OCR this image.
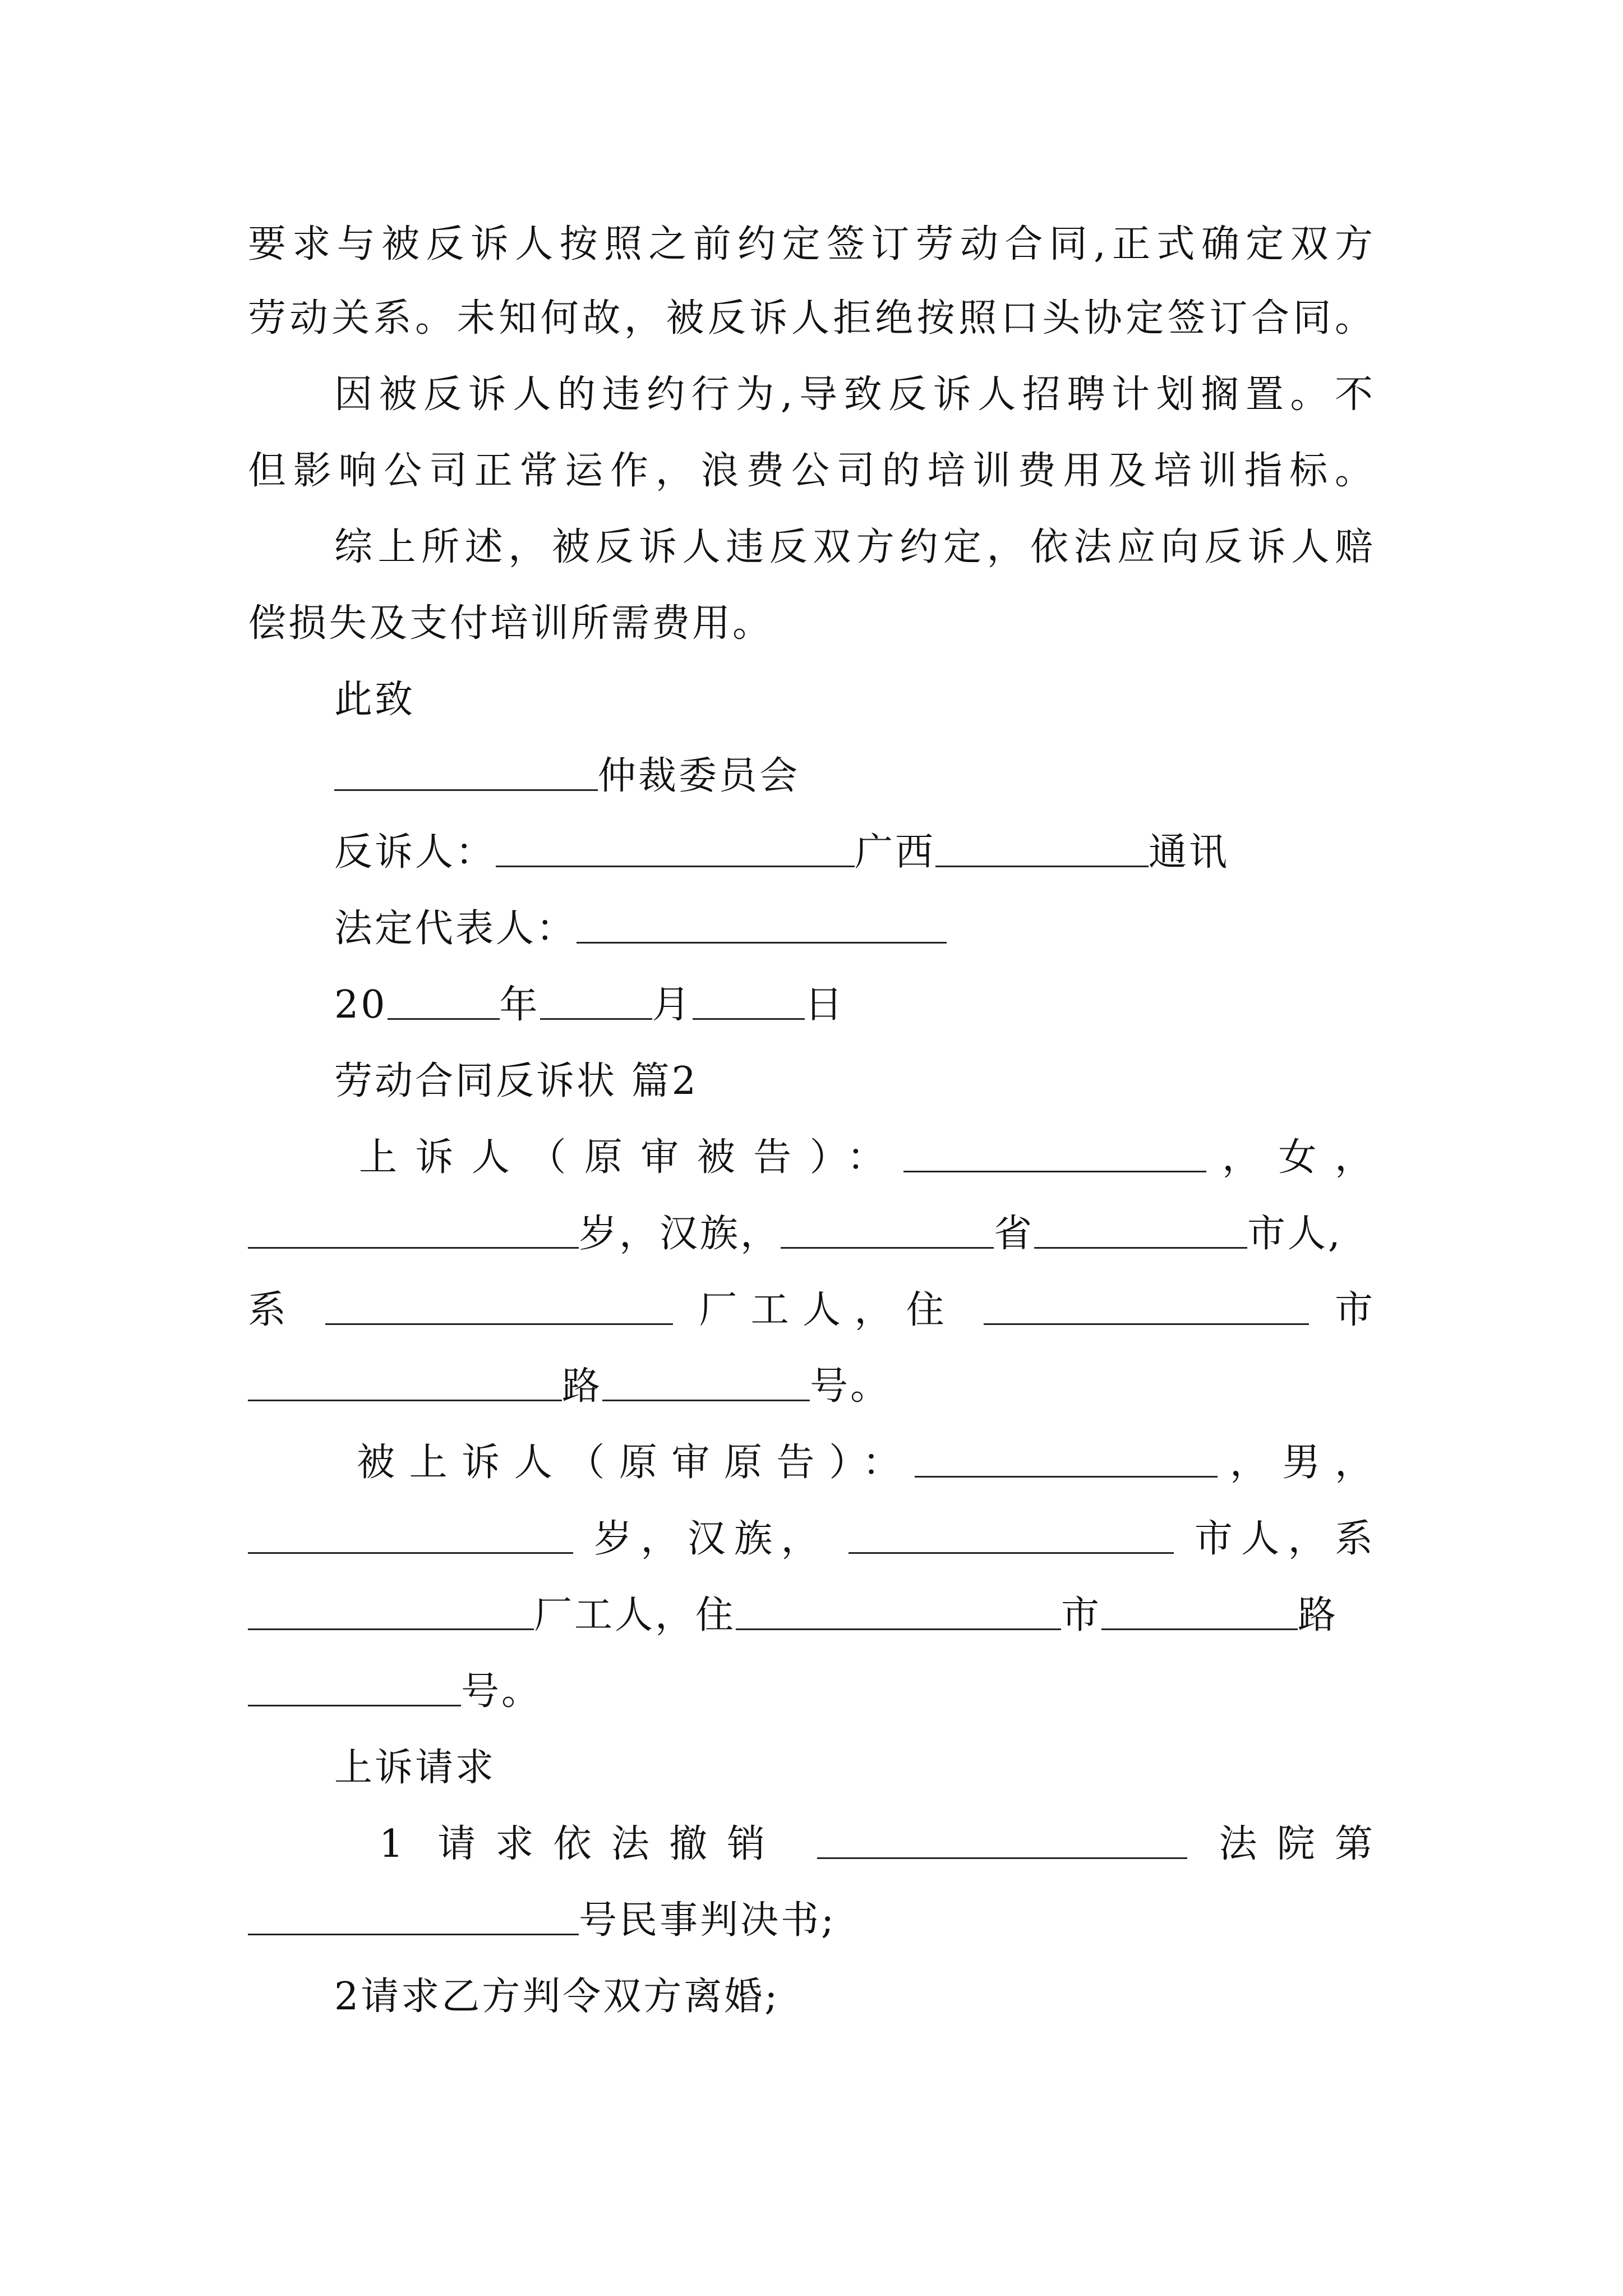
要求与被反诉人按照之前约定签订劳动合同,正式确定双方
劳动关系。未知何故，被反诉人拒绝按照口头协定签订合同。
因被反诉人的违约行为,导致反诉人招聘计划搁置。不
但影响公司正常运作，浪费公司的培训费用及培训指标。
综上所述，被反诉人违反双方约定，依法应向反诉人赔
偿损失及支付培训所需费用。
此致
仲裁委员会
反诉人：	广西	通讯
法定代表人：
20	年	月	日
劳动合同反诉状 篇2
上诉人（原审被告）：	，女，
岁，汉族，	省	市人,
系	厂工人，住	市
路	号。
被上诉人（原审原告）：	，男，
岁，汉族，	市人，系
厂工人，住	市	路
号。
上诉请求
1 请求依法撤销	法院第
号民事判决书;
2请求乙方判令双方离婚;
